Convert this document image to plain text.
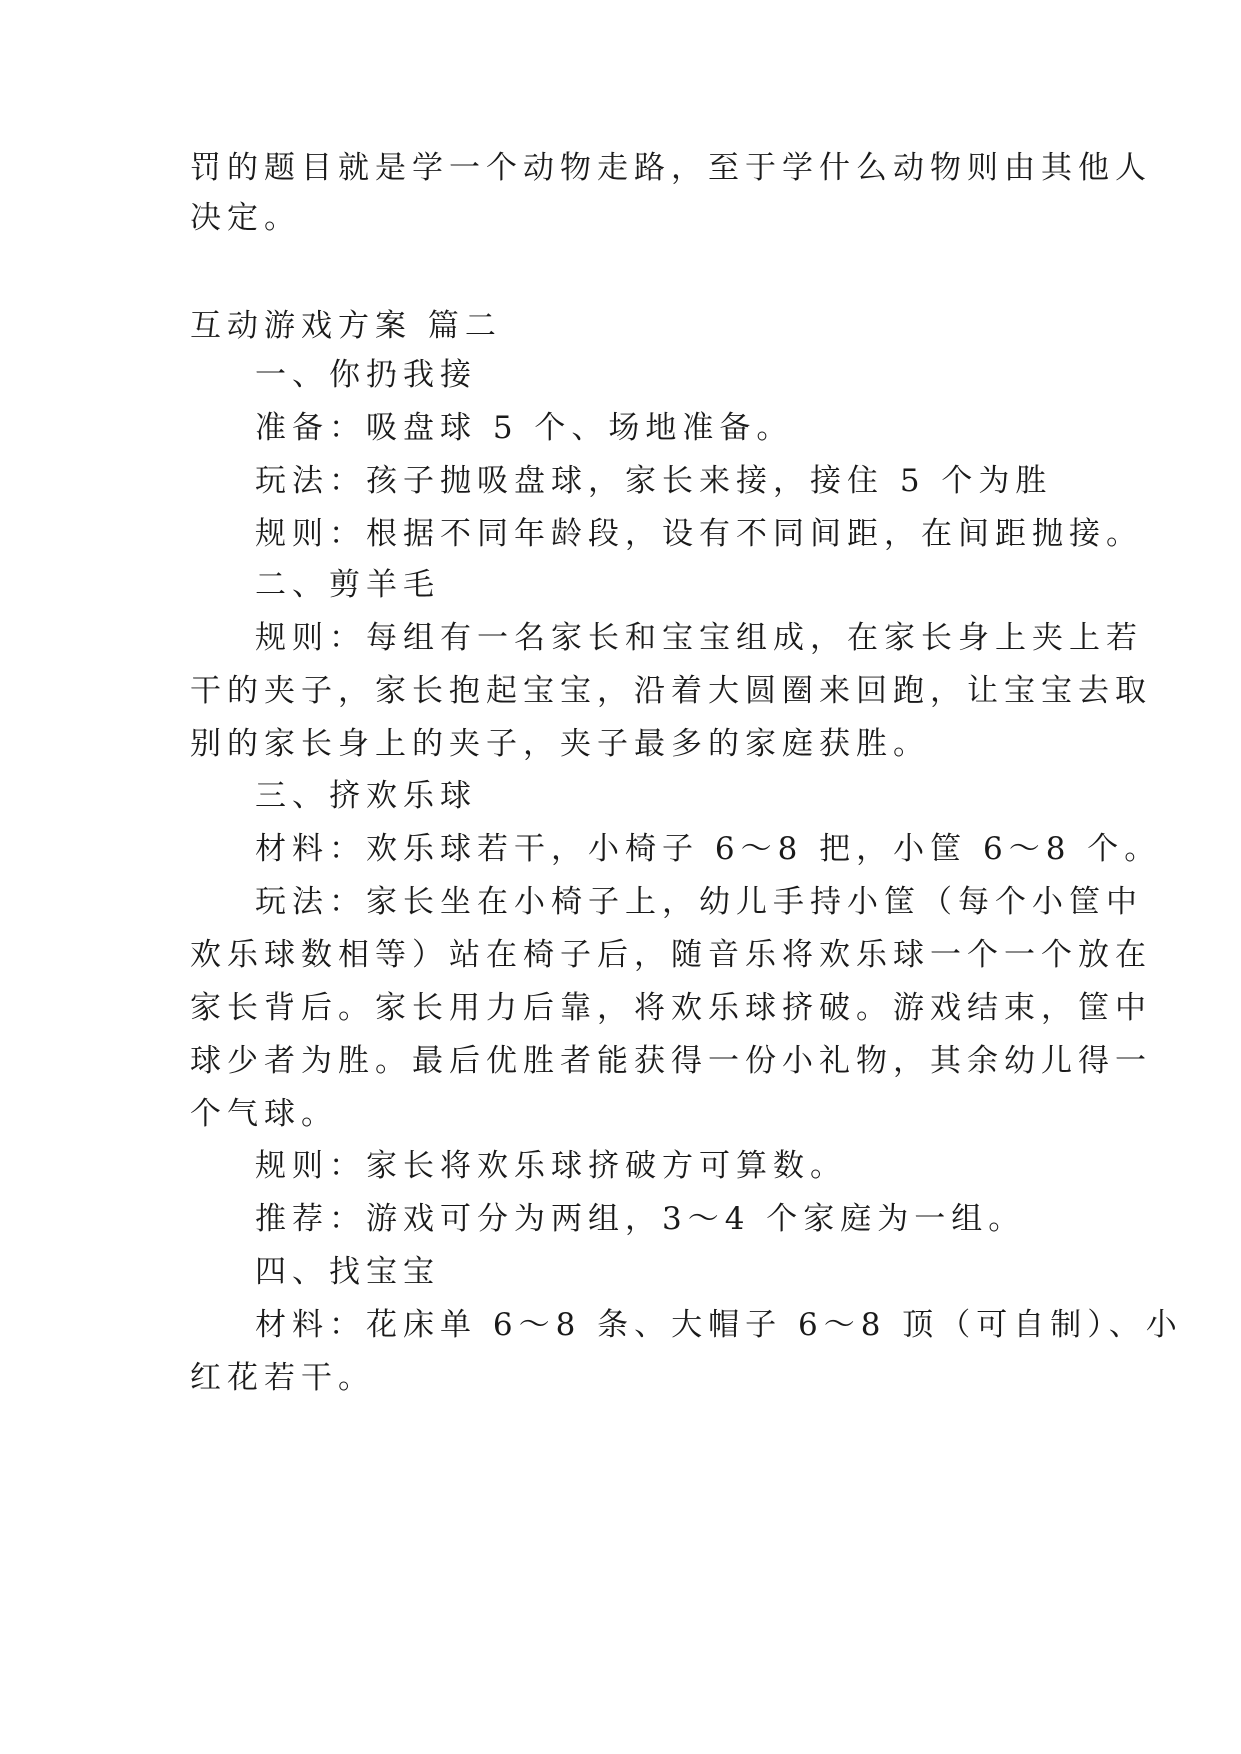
罚的题目就是学一个动物走路，至于学什么动物则由其他人
决定。
互动游戏方案 篇二
一、你扔我接
准备：吸盘球 5 个、场地准备。
玩法：孩子抛吸盘球，家长来接，接住 5 个为胜
规则：根据不同年龄段，设有不同间距，在间距抛接。
二、剪羊毛
规则：每组有一名家长和宝宝组成，在家长身上夹上若
干的夹子，家长抱起宝宝，沿着大圆圈来回跑，让宝宝去取
别的家长身上的夹子，夹子最多的家庭获胜。
三、挤欢乐球
材料：欢乐球若干，小椅子 6～8 把，小筐 6～8 个。
玩法：家长坐在小椅子上，幼儿手持小筐（每个小筐中
欢乐球数相等）站在椅子后，随音乐将欢乐球一个一个放在
家长背后。家长用力后靠，将欢乐球挤破。游戏结束，筐中
球少者为胜。最后优胜者能获得一份小礼物，其余幼儿得一
个气球。
规则：家长将欢乐球挤破方可算数。
推荐：游戏可分为两组，3～4 个家庭为一组。
四、找宝宝
材料：花床单 6～8 条、大帽子 6～8 顶（可自制）、小
红花若干。
